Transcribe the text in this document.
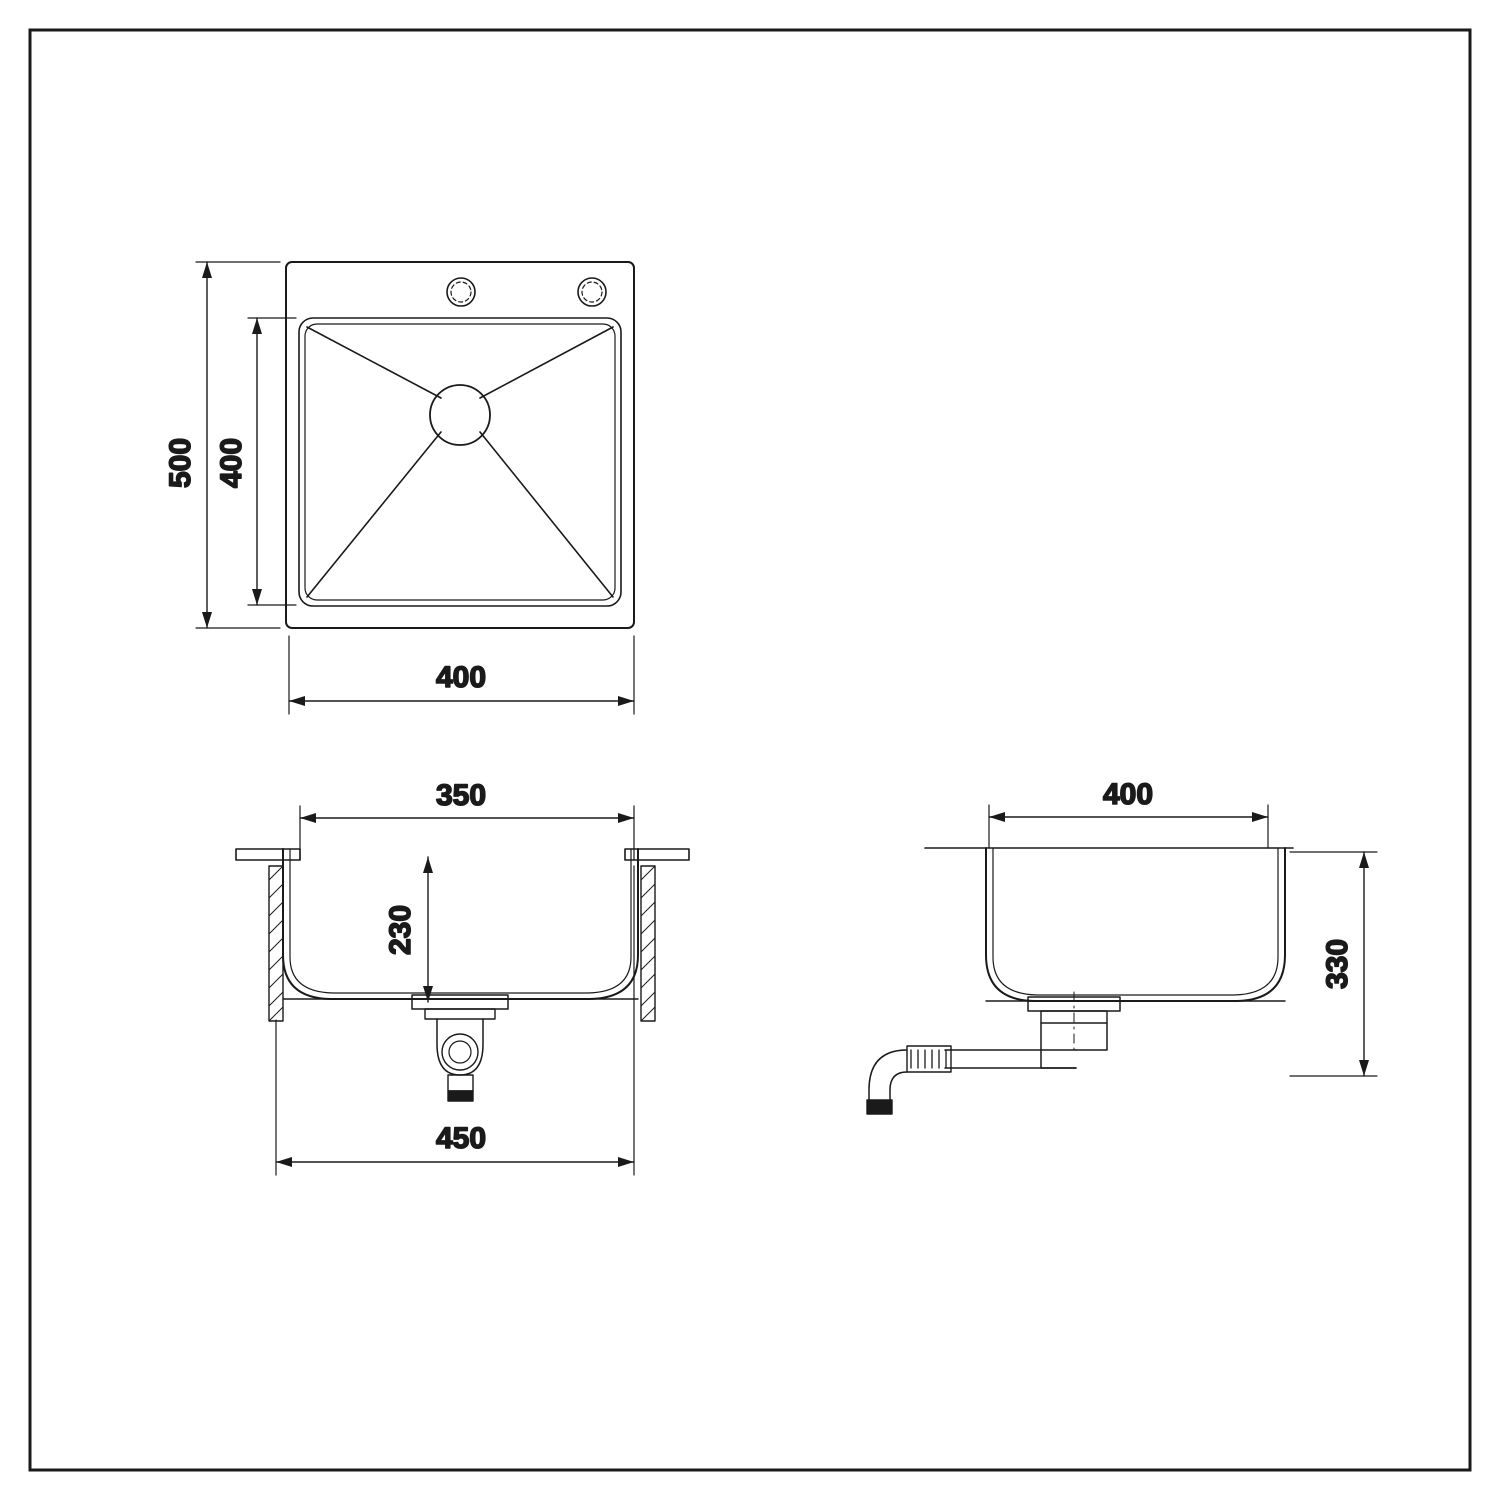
500 400
400
350
230
450
400
330
